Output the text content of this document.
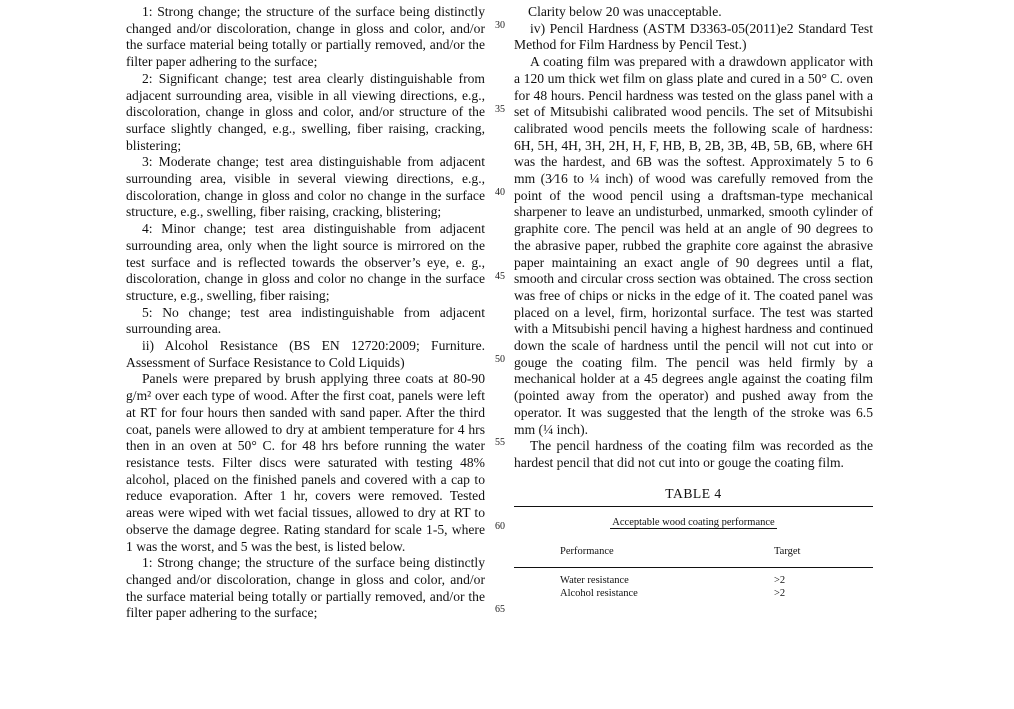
1: Strong change; the structure of the surface being distinctly changed and/or discoloration, change in gloss and color, and/or the surface material being totally or partially removed, and/or the filter paper adhering to the surface;

2: Significant change; test area clearly distinguishable from adjacent surrounding area, visible in all viewing directions, e.g., discoloration, change in gloss and color, and/or structure of the surface slightly changed, e.g., swelling, fiber raising, cracking, blistering;

3: Moderate change; test area distinguishable from adjacent surrounding area, visible in several viewing directions, e.g., discoloration, change in gloss and color no change in the surface structure, e.g., swelling, fiber raising, cracking, blistering;

4: Minor change; test area distinguishable from adjacent surrounding area, only when the light source is mirrored on the test surface and is reflected towards the observer’s eye, e. g., discoloration, change in gloss and color no change in the surface structure, e.g., swelling, fiber raising;

5: No change; test area indistinguishable from adjacent surrounding area.

ii) Alcohol Resistance (BS EN 12720:2009; Furniture. Assessment of Surface Resistance to Cold Liquids)

Panels were prepared by brush applying three coats at 80-90 g/m² over each type of wood. After the first coat, panels were left at RT for four hours then sanded with sand paper. After the third coat, panels were allowed to dry at ambient temperature for 4 hrs then in an oven at 50° C. for 48 hrs before running the water resistance tests. Filter discs were saturated with testing 48% alcohol, placed on the finished panels and covered with a cap to reduce evaporation. After 1 hr, covers were removed. Tested areas were wiped with wet facial tissues, allowed to dry at RT to observe the damage degree. Rating standard for scale 1-5, where 1 was the worst, and 5 was the best, is listed below.

1: Strong change; the structure of the surface being distinctly changed and/or discoloration, change in gloss and color, and/or the surface material being totally or partially removed, and/or the filter paper adhering to the surface;

30
35
40
45
50
55
60
65

Clarity below 20 was unacceptable.

iv) Pencil Hardness (ASTM D3363-05(2011)e2 Standard Test Method for Film Hardness by Pencil Test.)

A coating film was prepared with a drawdown applicator with a 120 um thick wet film on glass plate and cured in a 50° C. oven for 48 hours. Pencil hardness was tested on the glass panel with a set of Mitsubishi calibrated wood pencils. The set of Mitsubishi calibrated wood pencils meets the following scale of hardness: 6H, 5H, 4H, 3H, 2H, H, F, HB, B, 2B, 3B, 4B, 5B, 6B, where 6H was the hardest, and 6B was the softest. Approximately 5 to 6 mm (3⁄16 to ¼ inch) of wood was carefully removed from the point of the wood pencil using a draftsman-type mechanical sharpener to leave an undisturbed, unmarked, smooth cylinder of graphite core. The pencil was held at an angle of 90 degrees to the abrasive paper, rubbed the graphite core against the abrasive paper maintaining an exact angle of 90 degrees until a flat, smooth and circular cross section was obtained. The cross section was free of chips or nicks in the edge of it. The coated panel was placed on a level, firm, horizontal surface. The test was started with a Mitsubishi pencil having a highest hardness and continued down the scale of hardness until the pencil will not cut into or gouge the coating film. The pencil was held firmly by a mechanical holder at a 45 degrees angle against the coating film (pointed away from the operator) and pushed away from the operator. It was suggested that the length of the stroke was 6.5 mm (¼ inch).

The pencil hardness of the coating film was recorded as the hardest pencil that did not cut into or gouge the coating film.

TABLE 4
Acceptable wood coating performance
Performance	Target
Water resistance	>2
Alcohol resistance	>2
